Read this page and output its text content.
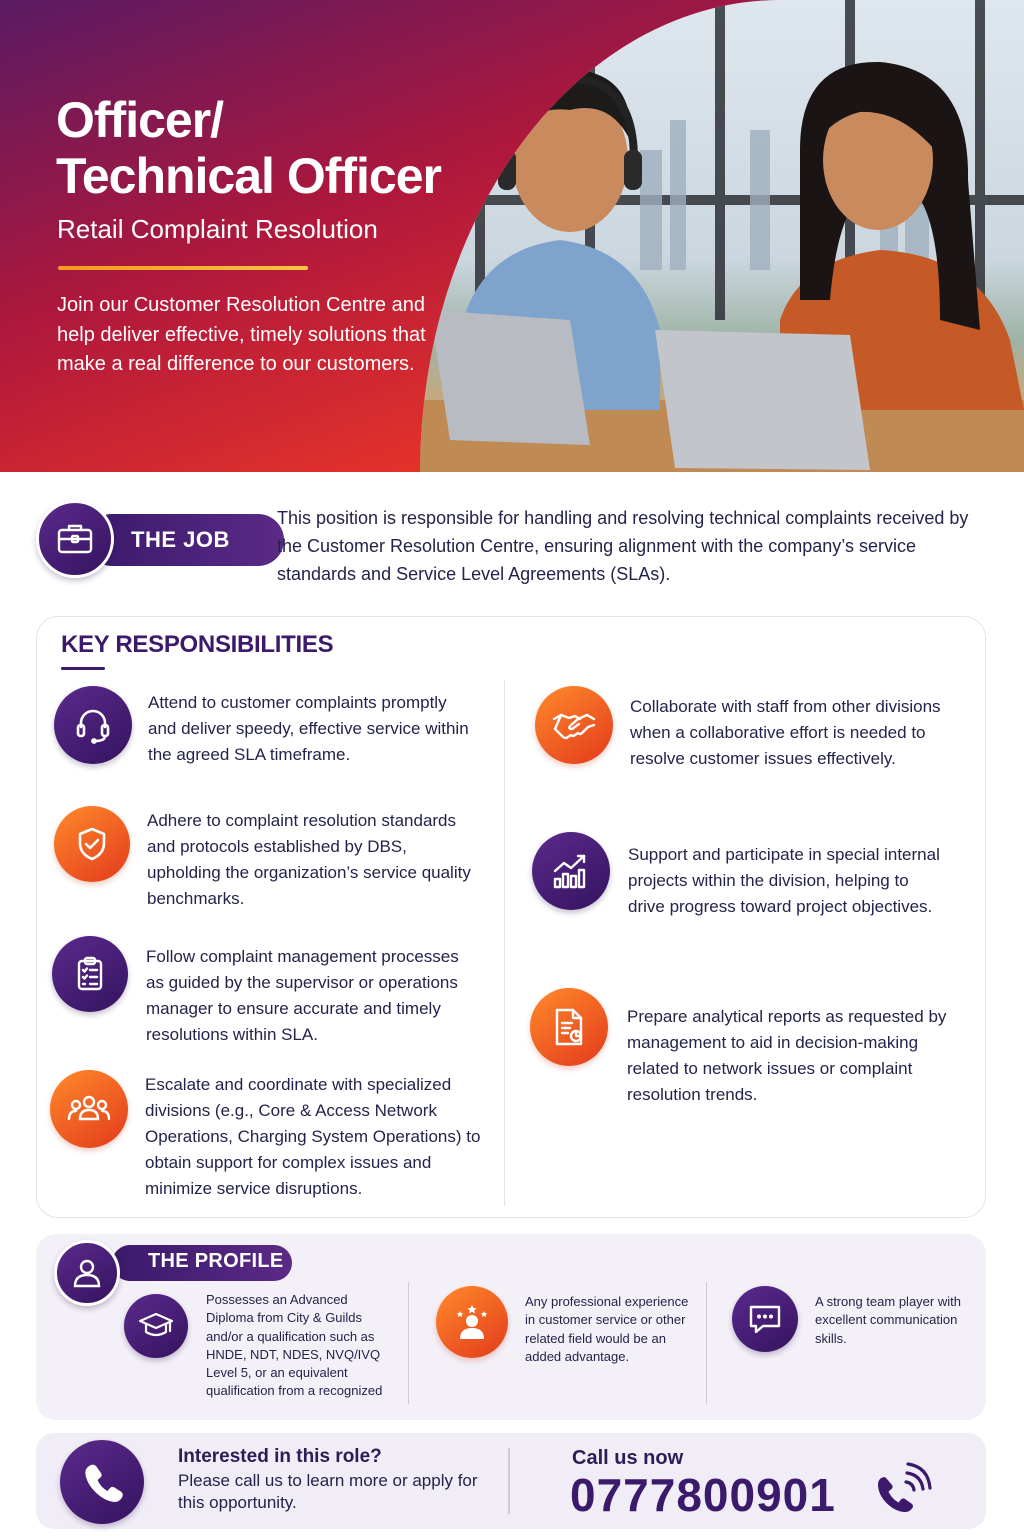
Officer/
Technical Officer
Retail Complaint Resolution

Join our Customer Resolution Centre and help deliver effective, timely solutions that make a real difference to our customers.

THE JOB

This position is responsible for handling and resolving technical complaints received by the Customer Resolution Centre, ensuring alignment with the company’s service standards and Service Level Agreements (SLAs).

KEY RESPONSIBILITIES

Attend to customer complaints promptly and deliver speedy, effective service within the agreed SLA timeframe.

Adhere to complaint resolution standards and protocols established by DBS, upholding the organization’s service quality benchmarks.

Follow complaint management processes as guided by the supervisor or operations manager to ensure accurate and timely resolutions within SLA.

Escalate and coordinate with specialized divisions (e.g., Core & Access Network Operations, Charging System Operations) to obtain support for complex issues and minimize service disruptions.

Collaborate with staff from other divisions when a collaborative effort is needed to resolve customer issues effectively.

Support and participate in special internal projects within the division, helping to drive progress toward project objectives.

Prepare analytical reports as requested by management to aid in decision-making related to network issues or complaint resolution trends.

THE PROFILE

Possesses an Advanced Diploma from City & Guilds and/or a qualification such as HNDE, NDT, NDES, NVQ/IVQ Level 5, or an equivalent qualification from a recognized

Any professional experience in customer service or other related field would be an added advantage.

A strong team player with excellent communication skills.

Interested in this role?

Please call us to learn more or apply for this opportunity.

Call us now
0777800901
